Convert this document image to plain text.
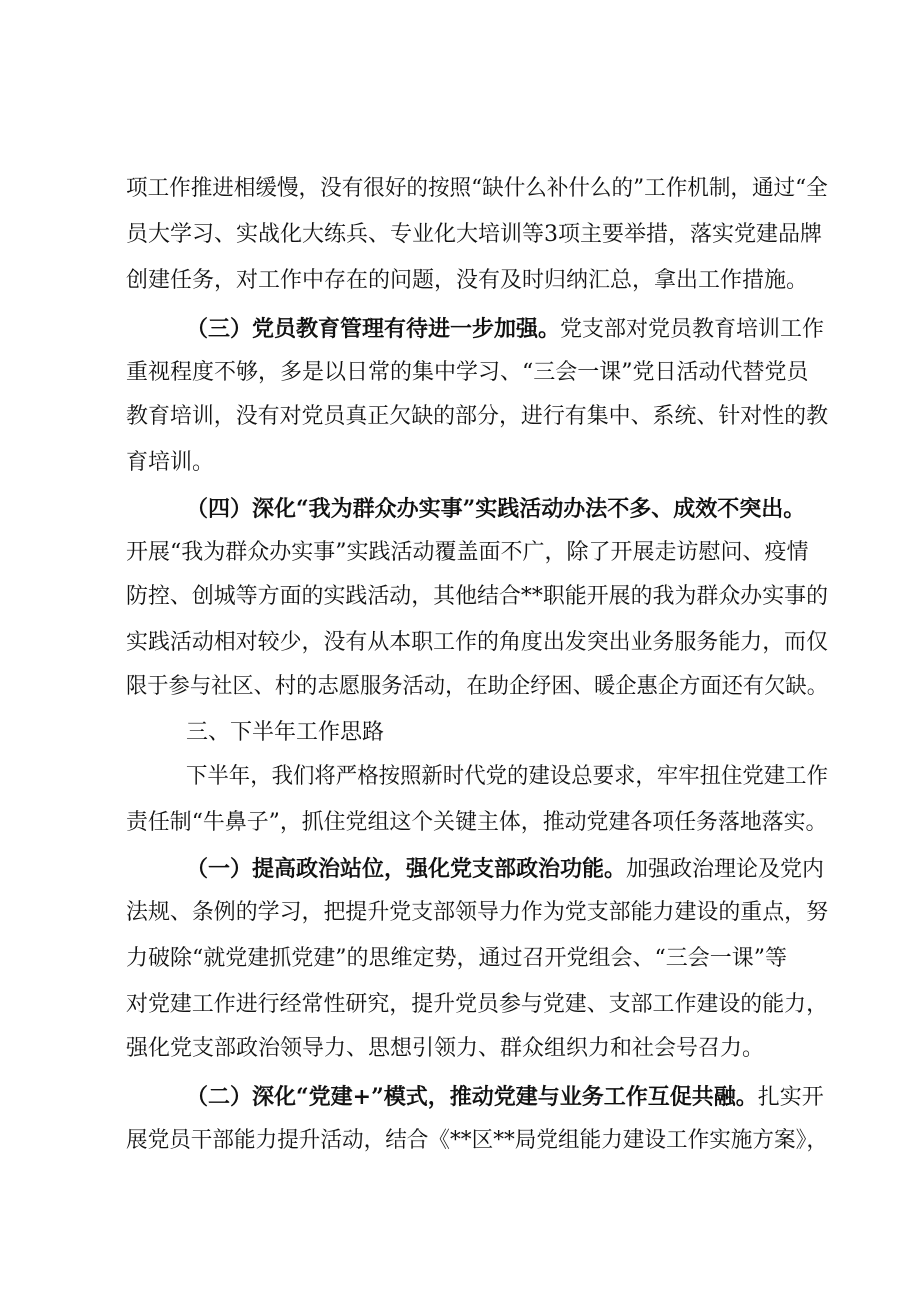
项工作推进相缓慢，没有很好的按照“缺什么补什么的”工作机制，通过“全
员大学习、实战化大练兵、专业化大培训等3项主要举措，落实党建品牌
创建任务，对工作中存在的问题，没有及时归纳汇总，拿出工作措施。
（三）党员教育管理有待进一步加强。党支部对党员教育培训工作
重视程度不够，多是以日常的集中学习、“三会一课”党日活动代替党员
教育培训，没有对党员真正欠缺的部分，进行有集中、系统、针对性的教
育培训。
（四）深化“我为群众办实事”实践活动办法不多、成效不突出。
开展“我为群众办实事”实践活动覆盖面不广，除了开展走访慰问、疫情
防控、创城等方面的实践活动，其他结合**职能开展的我为群众办实事的
实践活动相对较少，没有从本职工作的角度出发突出业务服务能力，而仅
限于参与社区、村的志愿服务活动，在助企纾困、暖企惠企方面还有欠缺。
三、下半年工作思路
下半年，我们将严格按照新时代党的建设总要求，牢牢扭住党建工作
责任制“牛鼻子”，抓住党组这个关键主体，推动党建各项任务落地落实。
（一）提高政治站位，强化党支部政治功能。加强政治理论及党内
法规、条例的学习，把提升党支部领导力作为党支部能力建设的重点，努
力破除“就党建抓党建”的思维定势，通过召开党组会、“三会一课”等
对党建工作进行经常性研究，提升党员参与党建、支部工作建设的能力，
强化党支部政治领导力、思想引领力、群众组织力和社会号召力。
（二）深化“党建+”模式，推动党建与业务工作互促共融。扎实开
展党员干部能力提升活动，结合《**区**局党组能力建设工作实施方案》，
